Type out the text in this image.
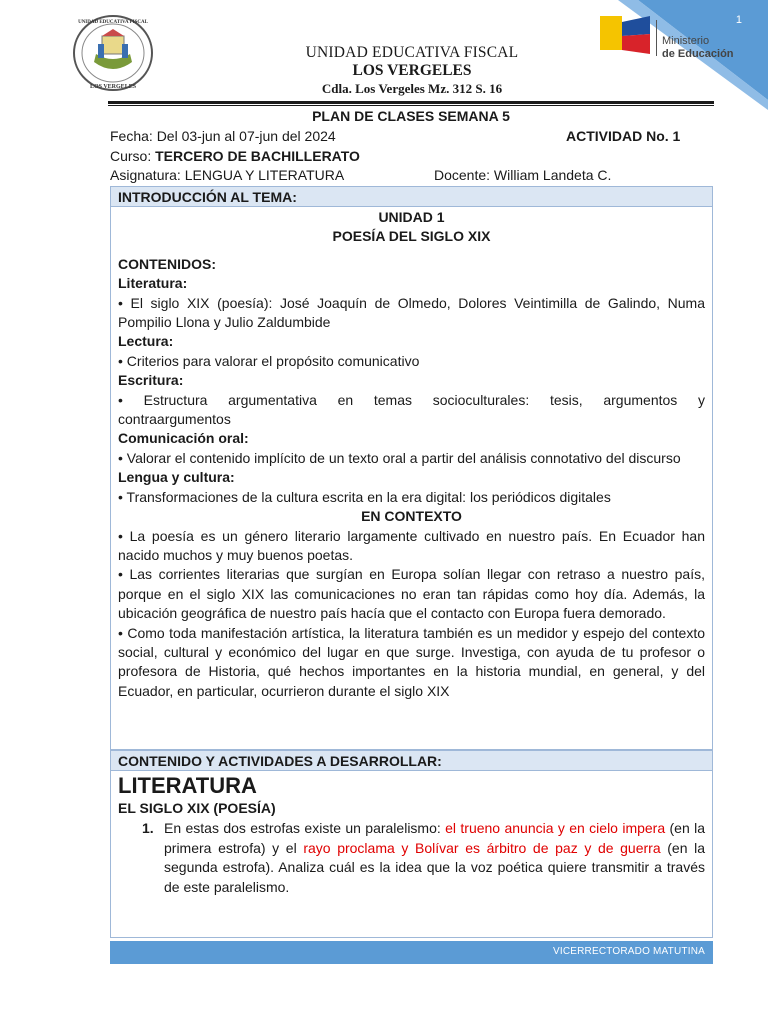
UNIDAD EDUCATIVA FISCAL
LOS VERGELES
UNIDAD EDUCATIVA FISCAL
LOS VERGELES
Cdla. Los Vergeles Mz. 312 S. 16
1
Ministerio
de Educación
PLAN DE CLASES SEMANA 5
Fecha: Del 03-jun al 07-jun del 2024	ACTIVIDAD No. 1
Curso: TERCERO DE BACHILLERATO
Asignatura: LENGUA Y LITERATURA	Docente: William Landeta C.
INTRODUCCIÓN AL TEMA:
UNIDAD 1
POESÍA DEL SIGLO XIX
CONTENIDOS:
Literatura:
• El siglo XIX (poesía): José Joaquín de Olmedo, Dolores Veintimilla de Galindo, Numa Pompilio Llona y Julio Zaldumbide
Lectura:
• Criterios para valorar el propósito comunicativo
Escritura:
• Estructura argumentativa en temas socioculturales: tesis, argumentos y
contraargumentos
Comunicación oral:
• Valorar el contenido implícito de un texto oral a partir del análisis connotativo del discurso
Lengua y cultura:
• Transformaciones de la cultura escrita en la era digital: los periódicos digitales
EN CONTEXTO
• La poesía es un género literario largamente cultivado en nuestro país. En Ecuador han nacido muchos y muy buenos poetas.
• Las corrientes literarias que surgían en Europa solían llegar con retraso a nuestro país, porque en el siglo XIX las comunicaciones no eran tan rápidas como hoy día. Además, la ubicación geográfica de nuestro país hacía que el contacto con Europa fuera demorado.
• Como toda manifestación artística, la literatura también es un medidor y espejo del contexto social, cultural y económico del lugar en que surge. Investiga, con ayuda de tu profesor o profesora de Historia, qué hechos importantes en la historia mundial, en general, y del Ecuador, en particular, ocurrieron durante el siglo XIX
CONTENIDO Y ACTIVIDADES A DESARROLLAR:
LITERATURA
EL SIGLO XIX (POESÍA)
1. En estas dos estrofas existe un paralelismo: el trueno anuncia y en cielo impera (en la primera estrofa) y el rayo proclama y Bolívar es árbitro de paz y de guerra (en la segunda estrofa). Analiza cuál es la idea que la voz poética quiere transmitir a través de este paralelismo.
VICERRECTORADO MATUTINA
